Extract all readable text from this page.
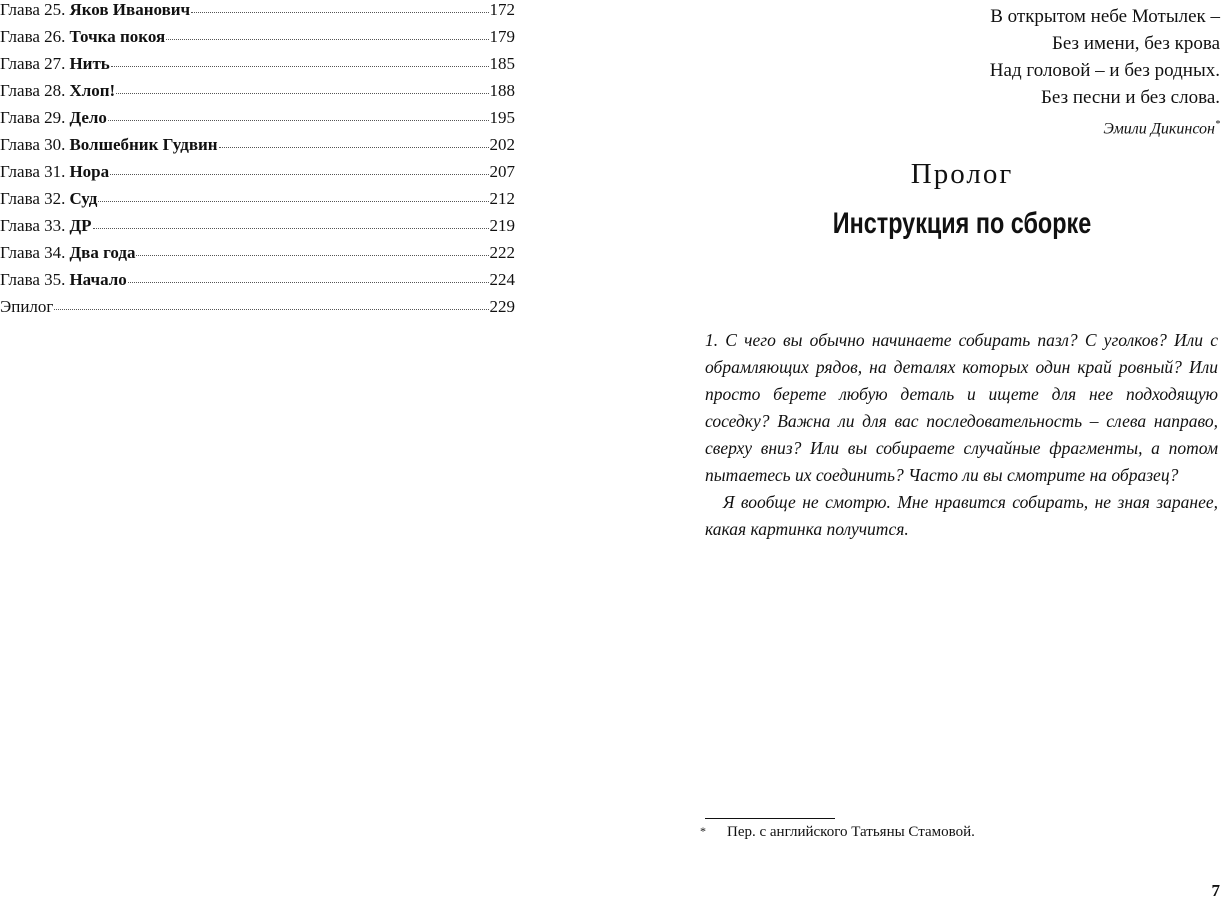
Глава 25. Яков Иванович	172
Глава 26. Точка покоя	179
Глава 27. Нить	185
Глава 28. Хлоп!	188
Глава 29. Дело	195
Глава 30. Волшебник Гудвин	202
Глава 31. Нора	207
Глава 32. Суд	212
Глава 33. ДР	219
Глава 34. Два года	222
Глава 35. Начало	224
Эпилог	229
В открытом небе Мотылек –
Без имени, без крова
Над головой – и без родных.
Без песни и без слова.
Эмили Дикинсон*
Пролог
Инструкция по сборке

1. С чего вы обычно начинаете собирать пазл? С уголков? Или с обрамляющих рядов, на деталях которых один край ровный? Или просто берете любую деталь и ищете для нее подходящую соседку? Важна ли для вас последовательность – слева направо, сверху вниз? Или вы собираете случайные фрагменты, а потом пытаетесь их соединить? Часто ли вы смотрите на образец?

Я вообще не смотрю. Мне нравится собирать, не зная заранее, какая картинка получится.

* Пер. с английского Татьяны Стамовой.
7
